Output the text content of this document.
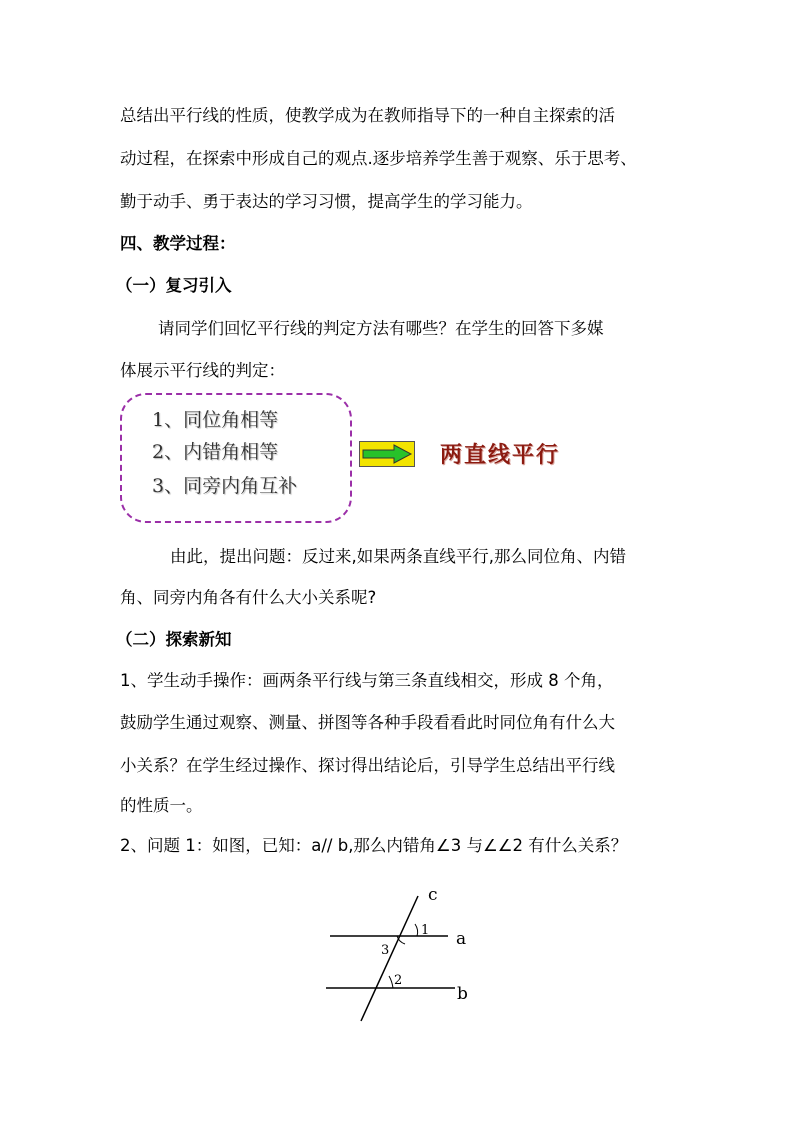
总结出平行线的性质，使教学成为在教师指导下的一种自主探索的活
动过程，在探索中形成自己的观点.逐步培养学生善于观察、乐于思考、
勤于动手、勇于表达的学习习惯，提高学生的学习能力。
四、教学过程：
（一）复习引入
请同学们回忆平行线的判定方法有哪些？在学生的回答下多媒
体展示平行线的判定：
1、同位角相等
2、内错角相等
3、同旁内角互补
两直线平行
由此，提出问题：反过来,如果两条直线平行,那么同位角、内错
角、同旁内角各有什么大小关系呢?
（二）探索新知
1、学生动手操作：画两条平行线与第三条直线相交，形成 8 个角，
鼓励学生通过观察、测量、拼图等各种手段看看此时同位角有什么大
小关系？在学生经过操作、探讨得出结论后，引导学生总结出平行线
的性质一。
2、问题 1：如图，已知：a// b,那么内错角∠3 与∠∠2 有什么关系？
c
a
b
1
3
2
